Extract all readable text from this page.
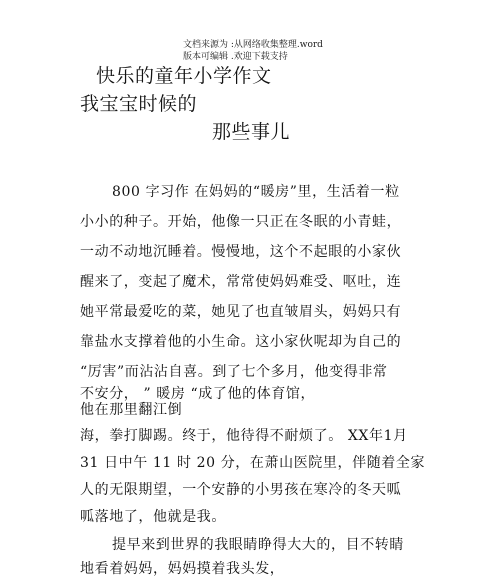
文档来源为 :从网络收集整理.word
版本可编辑 .欢迎下载支持
快乐的童年小学作文
我宝宝时候的
那些事儿
800 字习作 在妈妈的“暖房”里，生活着一粒
小小的种子。开始，他像一只正在冬眠的小青蛙，
一动不动地沉睡着。慢慢地，这个不起眼的小家伙
醒来了，变起了魔术，常常使妈妈难受、呕吐，连
她平常最爱吃的菜，她见了也直皱眉头，妈妈只有
靠盐水支撑着他的小生命。这小家伙呢却为自己的
“厉害”而沾沾自喜。到了七个多月，他变得非常
不安分， ” 暖房 “成了他的体育馆，
他在那里翻江倒
海，拳打脚踢。终于，他待得不耐烦了。 XX年1月
31 日中午 11 时 20 分，在萧山医院里，伴随着全家
人的无限期望，一个安静的小男孩在寒冷的冬天呱
呱落地了，他就是我。
提早来到世界的我眼睛睁得大大的，目不转睛
地看着妈妈，妈妈摸着我头发，
